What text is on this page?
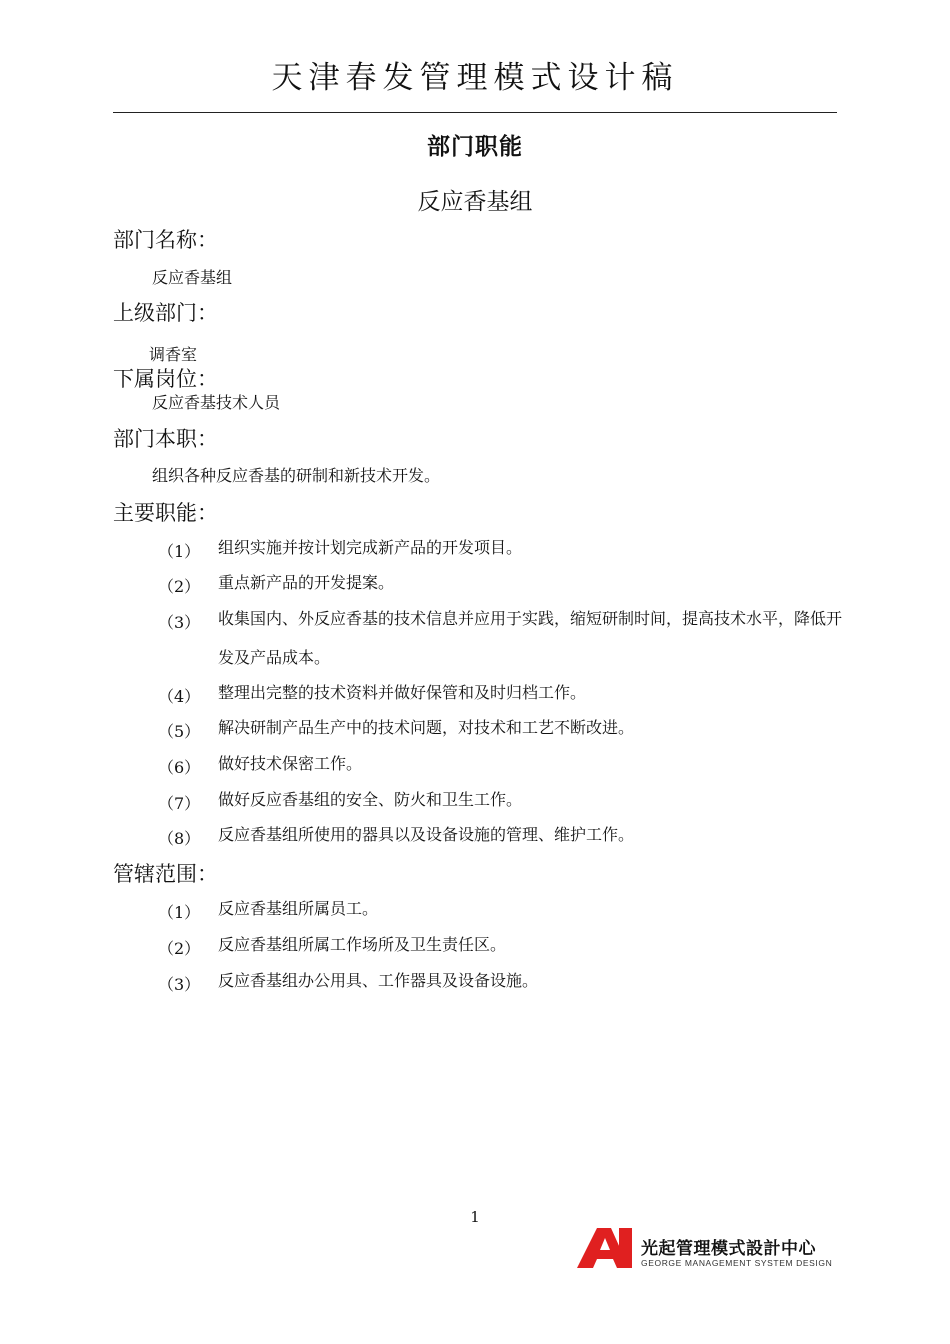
天津春发管理模式设计稿
部门职能
反应香基组
部门名称：
反应香基组
上级部门：
调香室
下属岗位：
反应香基技术人员
部门本职：
组织各种反应香基的研制和新技术开发。
主要职能：
（1） 组织实施并按计划完成新产品的开发项目。
（2） 重点新产品的开发提案。
（3） 收集国内、外反应香基的技术信息并应用于实践，缩短研制时间，提高技术水平，降低开发及产品成本。
（4） 整理出完整的技术资料并做好保管和及时归档工作。
（5） 解决研制产品生产中的技术问题，对技术和工艺不断改进。
（6） 做好技术保密工作。
（7） 做好反应香基组的安全、防火和卫生工作。
（8） 反应香基组所使用的器具以及设备设施的管理、维护工作。
管辖范围：
（1） 反应香基组所属员工。
（2） 反应香基组所属工作场所及卫生责任区。
（3） 反应香基组办公用具、工作器具及设备设施。
1
光起管理模式設計中心
GEORGE MANAGEMENT SYSTEM DESIGN
